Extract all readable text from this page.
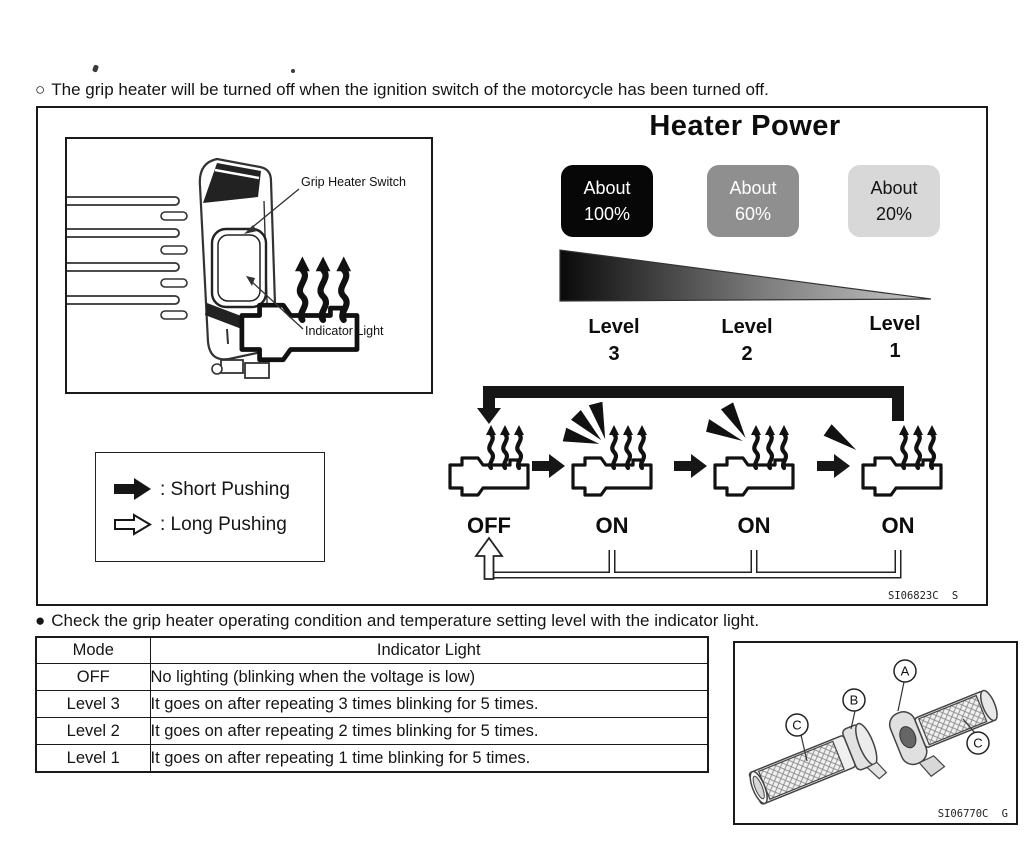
○ The grip heater will be turned off when the ignition switch of the motorcycle has been turned off.
Grip Heater Switch
Indicator Light
Heater Power
About
100%
About
60%
About
20%
Level
3
Level
2
Level
1
OFF	ON	ON	ON
: Short Pushing
: Long Pushing
SI06823C S
● Check the grip heater operating condition and temperature setting level with the indicator light.
Mode	Indicator Light
OFF	No lighting (blinking when the voltage is low)
Level 3	It goes on after repeating 3 times blinking for 5 times.
Level 2	It goes on after repeating 2 times blinking for 5 times.
Level 1	It goes on after repeating 1 time blinking for 5 times.
A
B
C
C
SI06770C G
